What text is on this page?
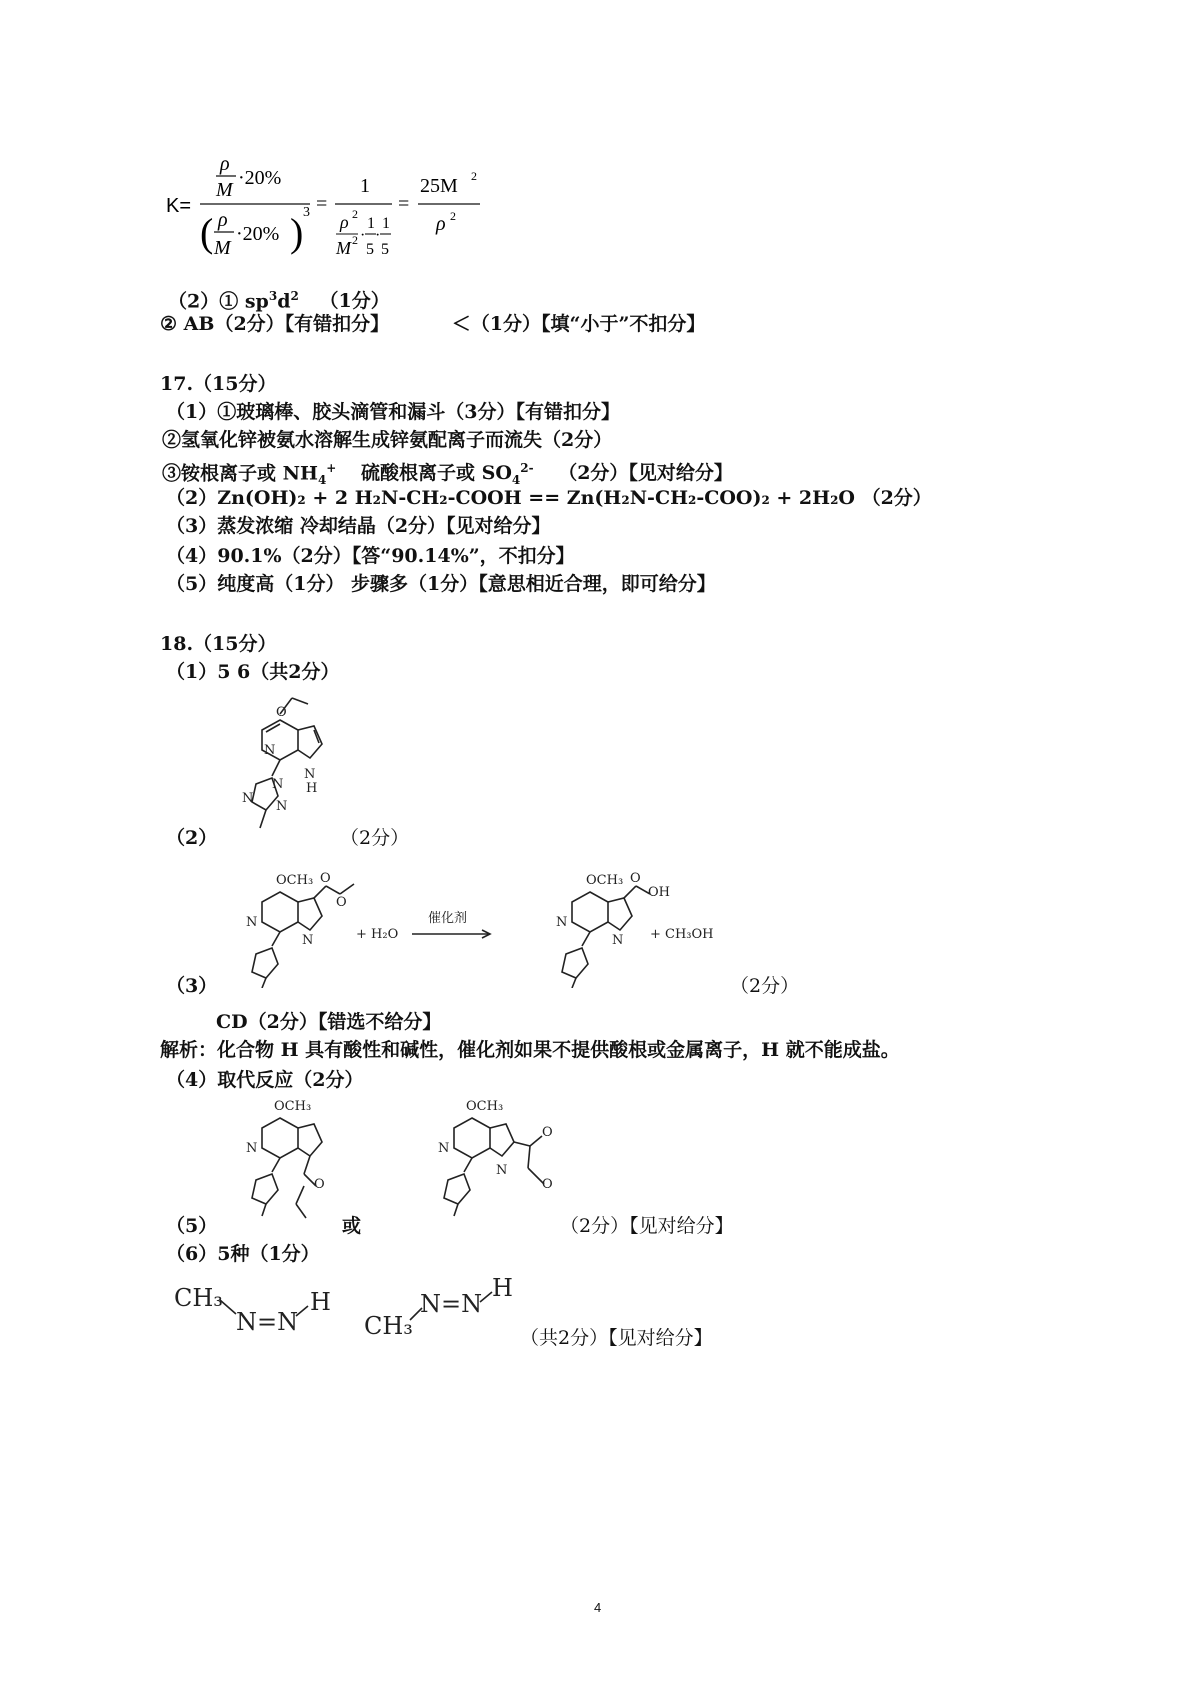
K=
ρ
M
·20%
( ρ
M
·20% ) 3 =
1
ρ 2
M 2 ·
1
5
·
1
5
=
25M 2
ρ 2
（2）① $sp^3d^2$ （1分）
② AB（2分）【有错扣分】	＜（1分）【填“小于”不扣分】
17.（15分）
（1）①玻璃棒、胶头滴管和漏斗（3分）【有错扣分】
②氢氧化锌被氨水溶解生成锌氨配离子而流失（2分）
③铵根离子或 $NH_4^+$ 硫酸根离子或 $SO_4^{2-}$ （2分）【见对给分】
（2）Zn(OH)₂ + 2 H₂N-CH₂-COOH == Zn(H₂N-CH₂-COO)₂ + 2H₂O （2分）
（3）蒸发浓缩 冷却结晶（2分）【见对给分】
（4）90.1%（2分）【答“90.14%”，不扣分】
（5）纯度高（1分） 步骤多（1分）【意思相近合理，即可给分】
18.（15分）
（1）5 6（共2分）
O
N
N
H
N
N
N
（2）	（2分）
OCH₃ O
O
N
N	+ H₂O
催化剂
OCH₃ O
OH
N
N + CH₃OH
（3）	（2分）
CD（2分）【错选不给分】
解析：化合物 H 具有酸性和碱性，催化剂如果不提供酸根或金属离子，H 就不能成盐。
（4）取代反应（2分）
OCH₃
N
O
OCH₃
N
N
O
O
（5）	或	（2分）【见对给分】
（6）5种（1分）
CH₃
N=N
H
CH₃
N=N
H
（共2分）【见对给分】
4
